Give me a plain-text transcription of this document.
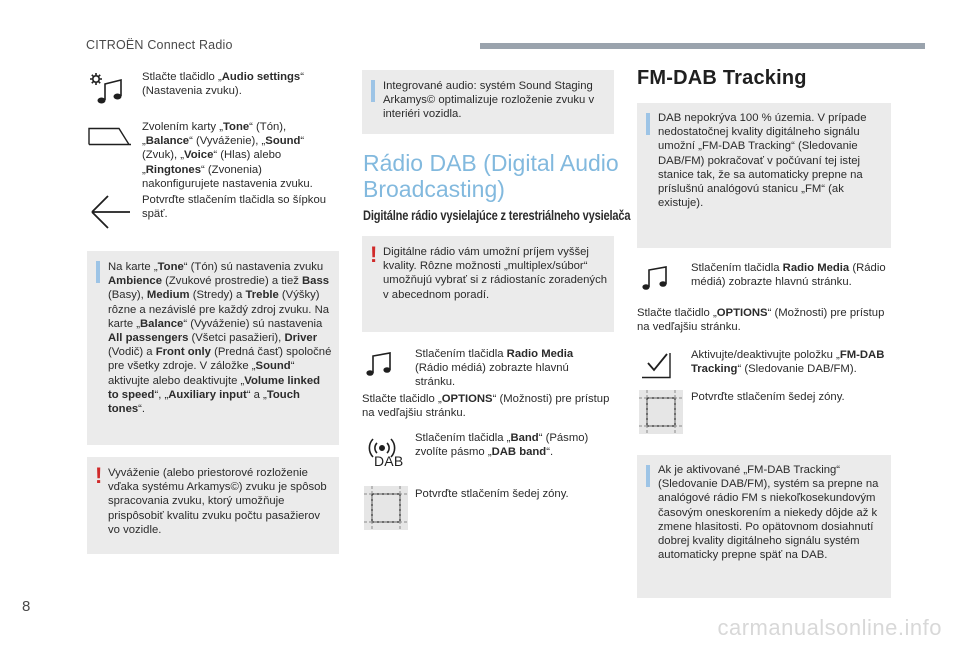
CITROËN Connect Radio
Stlačte tlačidlo „Audio settings“ (Nastavenia zvuku).
Zvolením karty „Tone“ (Tón), „Balance“ (Vyváženie), „Sound“ (Zvuk), „Voice“ (Hlas) alebo „Ringtones“ (Zvonenia) nakonfigurujete nastavenia zvuku.
Potvrďte stlačením tlačidla so šípkou späť.
Na karte „Tone“ (Tón) sú nastavenia zvuku Ambience (Zvukové prostredie) a tiež Bass (Basy), Medium (Stredy) a Treble (Výšky) rôzne a nezávislé pre každý zdroj zvuku. Na karte „Balance“ (Vyváženie) sú nastavenia All passengers (Všetci pasažieri), Driver (Vodič) a Front only (Predná časť) spoločné pre všetky zdroje. V záložke „Sound“ aktivujte alebo deaktivujte „Volume linked to speed“, „Auxiliary input“ a „Touch tones“.
! Vyváženie (alebo priestorové rozloženie vďaka systému Arkamys©) zvuku je spôsob spracovania zvuku, ktorý umožňuje prispôsobiť kvalitu zvuku počtu pasažierov vo vozidle.
Integrované audio: systém Sound Staging Arkamys© optimalizuje rozloženie zvuku v interiéri vozidla.
Rádio DAB (Digital Audio Broadcasting)
Digitálne rádio vysielajúce z terestriálneho vysielača
! Digitálne rádio vám umožní príjem vyššej kvality. Rôzne možnosti „multiplex/súbor“ umožňujú vybrať si z rádiostaníc zoradených v abecednom poradí.
Stlačením tlačidla Radio Media (Rádio médiá) zobrazte hlavnú stránku.
Stlačte tlačidlo „OPTIONS“ (Možnosti) pre prístup na vedľajšiu stránku.
DAB
Stlačením tlačidla „Band“ (Pásmo) zvolíte pásmo „DAB band“.
Potvrďte stlačením šedej zóny.
FM-DAB Tracking
DAB nepokrýva 100 % územia. V prípade nedostatočnej kvality digitálneho signálu umožní „FM-DAB Tracking“ (Sledovanie DAB/FM) pokračovať v počúvaní tej istej stanice tak, že sa automaticky prepne na príslušnú analógovú stanicu „FM“ (ak existuje).
Stlačením tlačidla Radio Media (Rádio médiá) zobrazte hlavnú stránku.
Stlačte tlačidlo „OPTIONS“ (Možnosti) pre prístup na vedľajšiu stránku.
Aktivujte/deaktivujte položku „FM-DAB Tracking“ (Sledovanie DAB/FM).
Potvrďte stlačením šedej zóny.
Ak je aktivované „FM-DAB Tracking“ (Sledovanie DAB/FM), systém sa prepne na analógové rádio FM s niekoľkosekundovým časovým oneskorením a niekedy dôjde až k zmene hlasitosti. Po opätovnom dosiahnutí dobrej kvality digitálneho signálu systém automaticky prepne späť na DAB.
8
carmanualsonline.info
